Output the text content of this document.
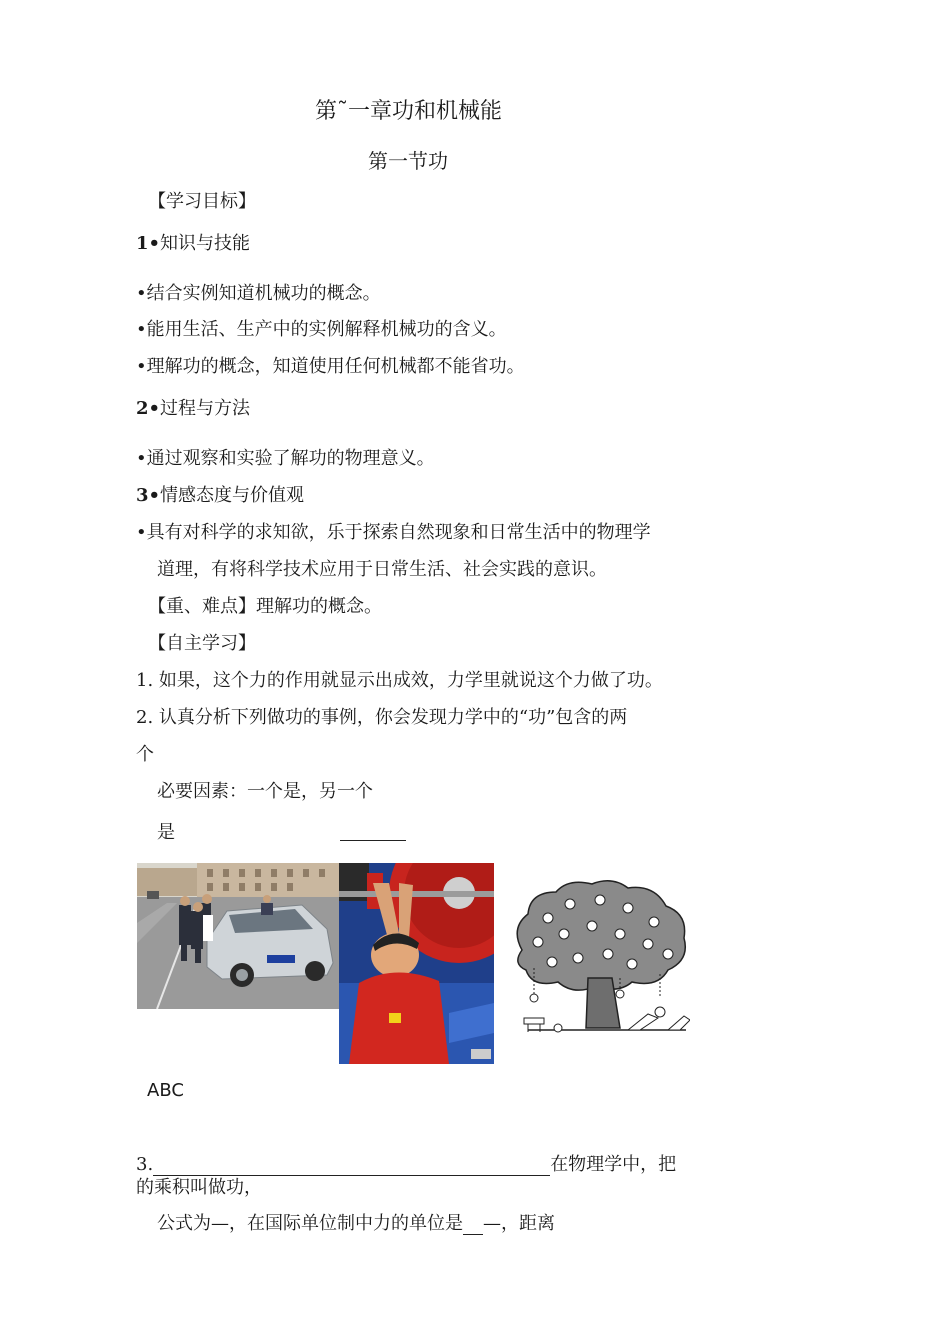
第˜一章功和机械能
第一节功
【学习目标】
1•知识与技能
•结合实例知道机械功的概念。
•能用生活、生产中的实例解释机械功的含义。
•理解功的概念，知道使用任何机械都不能省功。
2•过程与方法
•通过观察和实验了解功的物理意义。
3•情感态度与价值观
•具有对科学的求知欲，乐于探索自然现象和日常生活中的物理学
道理，有将科学技术应用于日常生活、社会实践的意识。
【重、难点】理解功的概念。
【自主学习】
1. 如果，这个力的作用就显示出成效，力学里就说这个力做了功。
2. 认真分析下列做功的事例，你会发现力学中的“功”包含的两
个
必要因素：一个是，另一个
是
ABC
3.	在物理学中，把
的乘积叫做功，
公式为—，在国际单位制中力的单位是 —，距离
